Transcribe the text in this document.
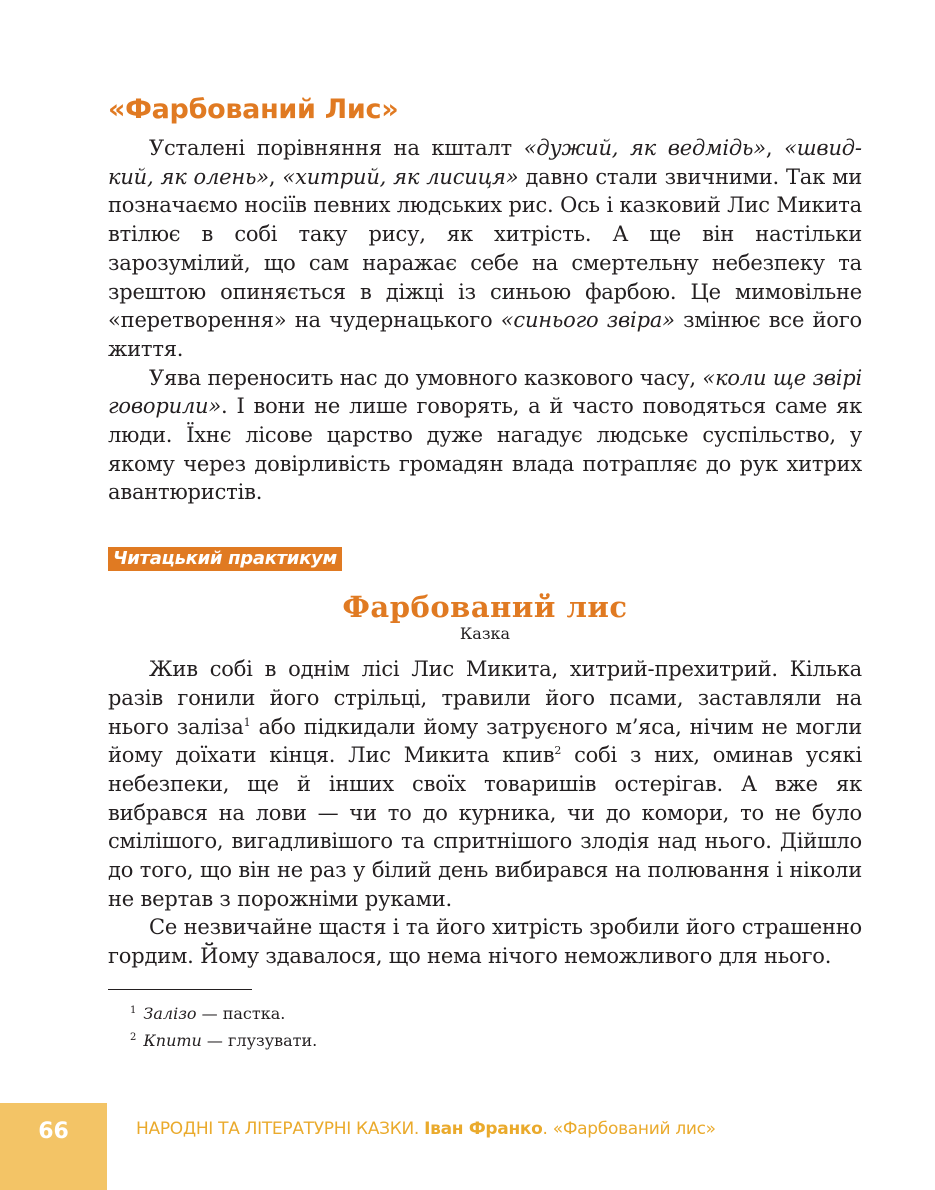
«Фарбований Лис»

Усталені порівняння на кшталт «дужий, як ведмідь», «швидкий, як олень», «хитрий, як лисиця» давно стали звичними. Так ми позначаємо носіїв певних людських рис. Ось і казковий Лис Микита втілює в собі таку рису, як хитрість. А ще він настільки зарозумілий, що сам наражає себе на смертельну небезпеку та зрештою опиняється в діжці із синьою фарбою. Це мимовільне «перетворення» на чудернацького «синього звіра» змінює все його життя.

Уява переносить нас до умовного казкового часу, «коли ще звірі говорили». І вони не лише говорять, а й часто поводяться саме як люди. Їхнє лісове царство дуже нагадує людське суспільство, у якому через довірливість громадян влада потрапляє до рук хитрих авантюристів.

Читацький практикум
Фарбований лис
Казка

Жив собі в однім лісі Лис Микита, хитрий-прехитрий. Кілька разів гонили його стрільці, травили його псами, заставляли на нього заліза$^1$ або підкидали йому затруєного м’яса, нічим не могли йому доїхати кінця. Лис Микита кпив$^2$ собі з них, оминав усякі небезпеки, ще й інших своїх товаришів остерігав. А вже як вибрався на лови — чи то до курника, чи до комори, то не було смілішого, вигадливішого та спритнішого злодія над нього. Дійшло до того, що він не раз у білий день вибирався на полювання і ніколи не вертав з порожніми руками.

Се незвичайне щастя і та його хитрість зробили його страшенно гордим. Йому здавалося, що нема нічого неможливого для нього.

$^1$ Залізо — пастка.

$^2$ Кпити — глузувати.

66	НАРОДНІ ТА ЛІТЕРАТУРНІ КАЗКИ. Іван Франко. «Фарбований лис»
